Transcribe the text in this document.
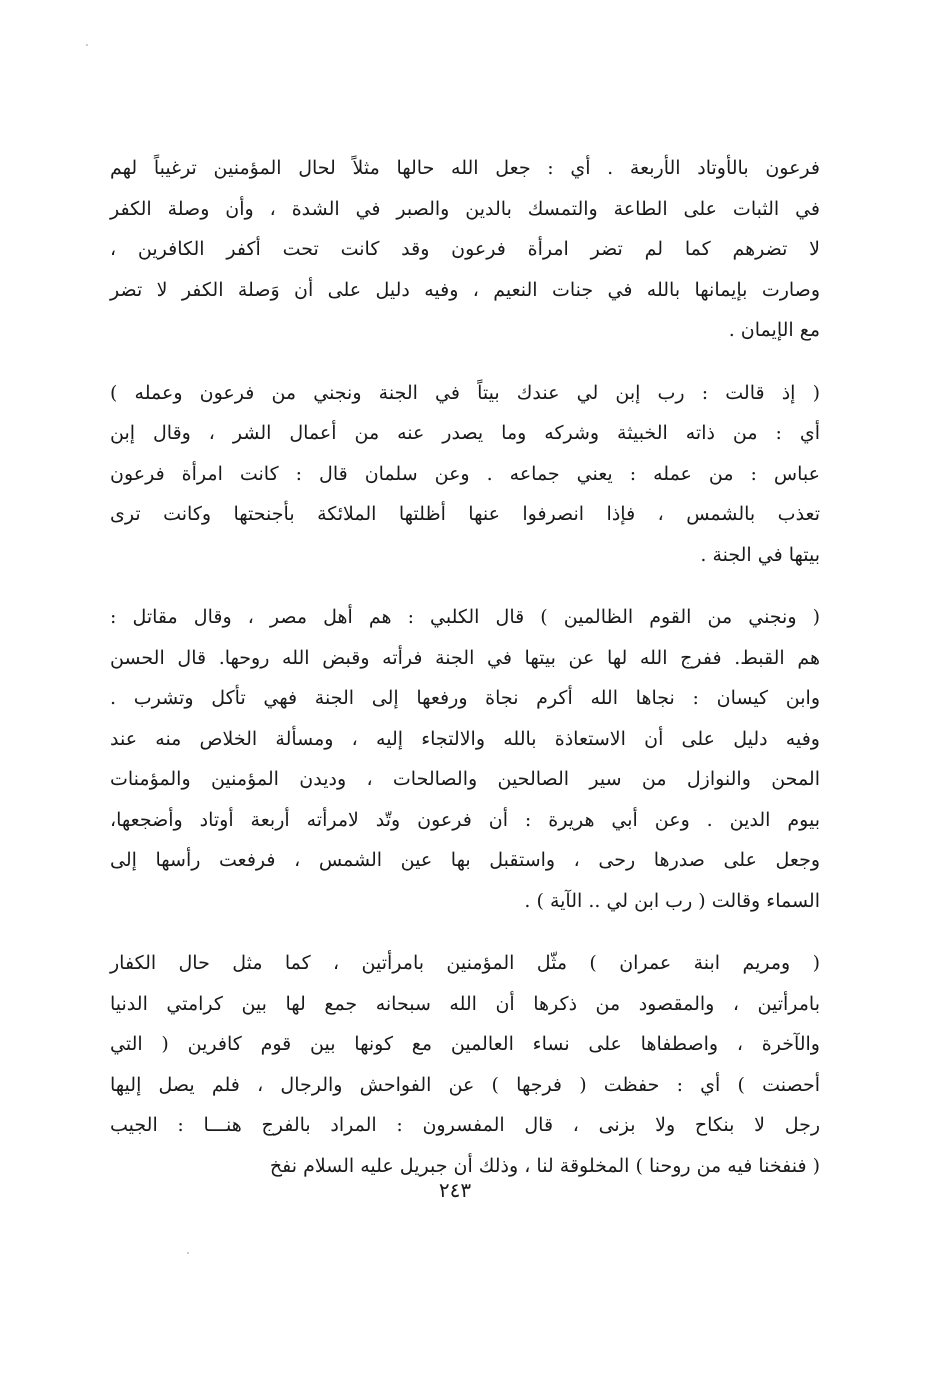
فرعون بالأوتاد الأربعة . أي : جعل الله حالها مثلاً لحال المؤمنين ترغيباً لهم
في الثبات على الطاعة والتمسك بالدين والصبر في الشدة ، وأن وصلة الكفر
لا تضرهم كما لم تضر امرأة فرعون وقد كانت تحت أكفر الكافرين ،
وصارت بإيمانها بالله في جنات النعيم ، وفيه دليل على أن وَصلة الكفر لا تضر
مع الإيمان .

( إذ قالت : رب إبن لي عندك بيتاً في الجنة ونجني من فرعون وعمله )
أي : من ذاته الخبيثة وشركه وما يصدر عنه من أعمال الشر ، وقال إبن
عباس : من عمله : يعني جماعه . وعن سلمان قال : كانت امرأة فرعون
تعذب بالشمس ، فإذا انصرفوا عنها أظلتها الملائكة بأجنحتها وكانت ترى
بيتها في الجنة .

( ونجني من القوم الظالمين ) قال الكلبي : هم أهل مصر ، وقال مقاتل :
هم القبط. ففرج الله لها عن بيتها في الجنة فرأته وقبض الله روحها. قال الحسن
وابن كيسان : نجاها الله أكرم نجاة ورفعها إلى الجنة فهي تأكل وتشرب .
وفيه دليل على أن الاستعاذة بالله والالتجاء إليه ، ومسألة الخلاص منه عند
المحن والنوازل من سير الصالحين والصالحات ، وديدن المؤمنين والمؤمنات
بيوم الدين . وعن أبي هريرة : أن فرعون وتّد لامرأته أربعة أوتاد وأضجعها،
وجعل على صدرها رحى ، واستقبل بها عين الشمس ، فرفعت رأسها إلى
السماء وقالت ( رب ابن لي .. الآية ) .

( ومريم ابنة عمران ) مثّل المؤمنين بامرأتين ، كما مثل حال الكفار
بامرأتين ، والمقصود من ذكرها أن الله سبحانه جمع لها بين كرامتي الدنيا
والآخرة ، واصطفاها على نساء العالمين مع كونها بين قوم كافرين ( التي
أحصنت ) أي : حفظت ( فرجها ) عن الفواحش والرجال ، فلم يصل إليها
رجل لا بنكاح ولا بزنى ، قال المفسرون : المراد بالفرج هنـــا : الجيب
( فنفخنا فيه من روحنا ) المخلوقة لنا ، وذلك أن جبريل عليه السلام نفخ

٢٤٣
